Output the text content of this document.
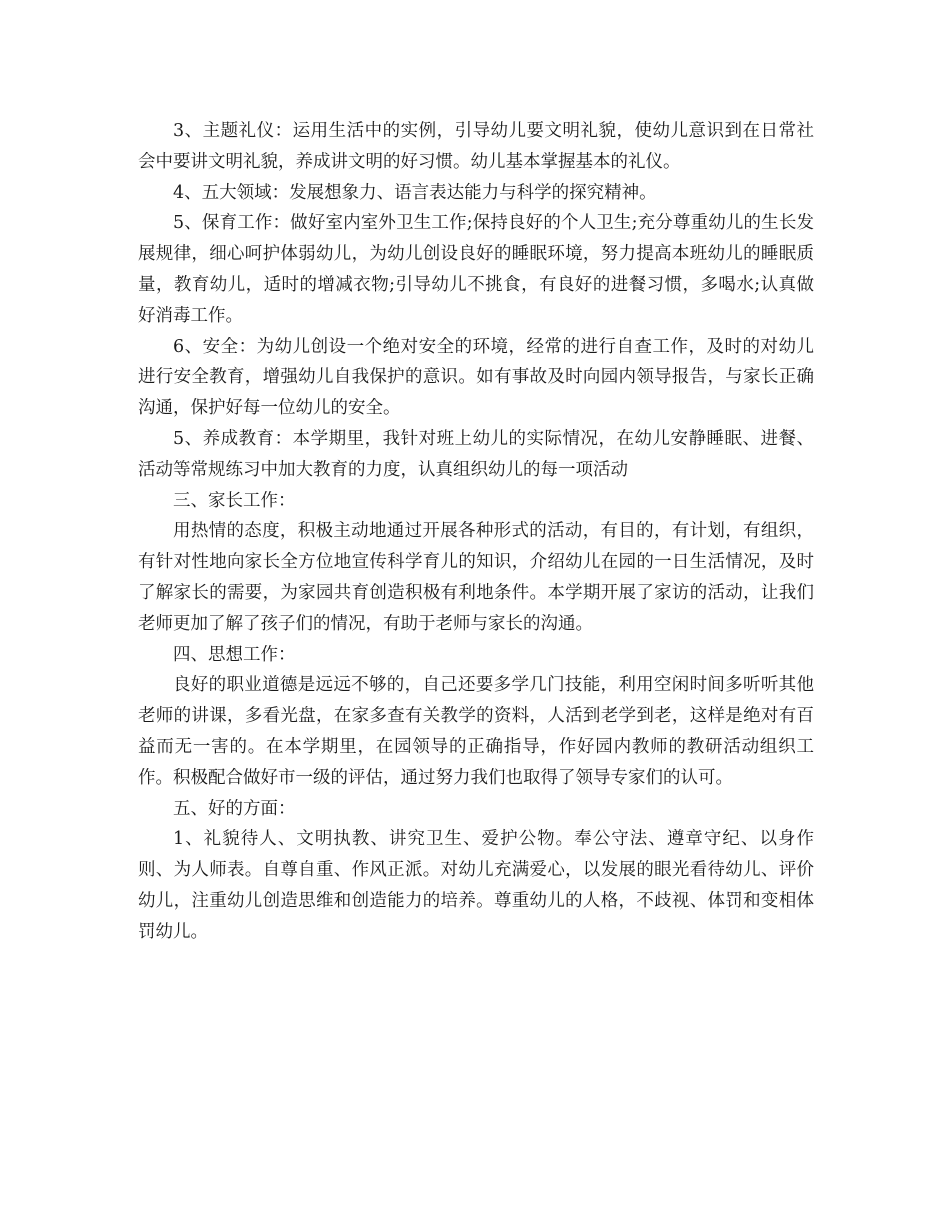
3、主题礼仪：运用生活中的实例，引导幼儿要文明礼貌，使幼儿意识到在日常社会中要讲文明礼貌，养成讲文明的好习惯。幼儿基本掌握基本的礼仪。

4、五大领域：发展想象力、语言表达能力与科学的探究精神。

5、保育工作：做好室内室外卫生工作;保持良好的个人卫生;充分尊重幼儿的生长发展规律，细心呵护体弱幼儿，为幼儿创设良好的睡眠环境，努力提高本班幼儿的睡眠质量，教育幼儿，适时的增减衣物;引导幼儿不挑食，有良好的进餐习惯，多喝水;认真做好消毒工作。

6、安全：为幼儿创设一个绝对安全的环境，经常的进行自查工作，及时的对幼儿进行安全教育，增强幼儿自我保护的意识。如有事故及时向园内领导报告，与家长正确沟通，保护好每一位幼儿的安全。

5、养成教育：本学期里，我针对班上幼儿的实际情况，在幼儿安静睡眠、进餐、活动等常规练习中加大教育的力度，认真组织幼儿的每一项活动

三、家长工作：

用热情的态度，积极主动地通过开展各种形式的活动，有目的，有计划，有组织，有针对性地向家长全方位地宣传科学育儿的知识，介绍幼儿在园的一日生活情况，及时了解家长的需要，为家园共育创造积极有利地条件。本学期开展了家访的活动，让我们老师更加了解了孩子们的情况，有助于老师与家长的沟通。

四、思想工作：

良好的职业道德是远远不够的，自己还要多学几门技能，利用空闲时间多听听其他老师的讲课，多看光盘，在家多查有关教学的资料，人活到老学到老，这样是绝对有百益而无一害的。在本学期里，在园领导的正确指导，作好园内教师的教研活动组织工作。积极配合做好市一级的评估，通过努力我们也取得了领导专家们的认可。

五、好的方面：

1、礼貌待人、文明执教、讲究卫生、爱护公物。奉公守法、遵章守纪、以身作则、为人师表。自尊自重、作风正派。对幼儿充满爱心，以发展的眼光看待幼儿、评价幼儿，注重幼儿创造思维和创造能力的培养。尊重幼儿的人格，不歧视、体罚和变相体罚幼儿。
